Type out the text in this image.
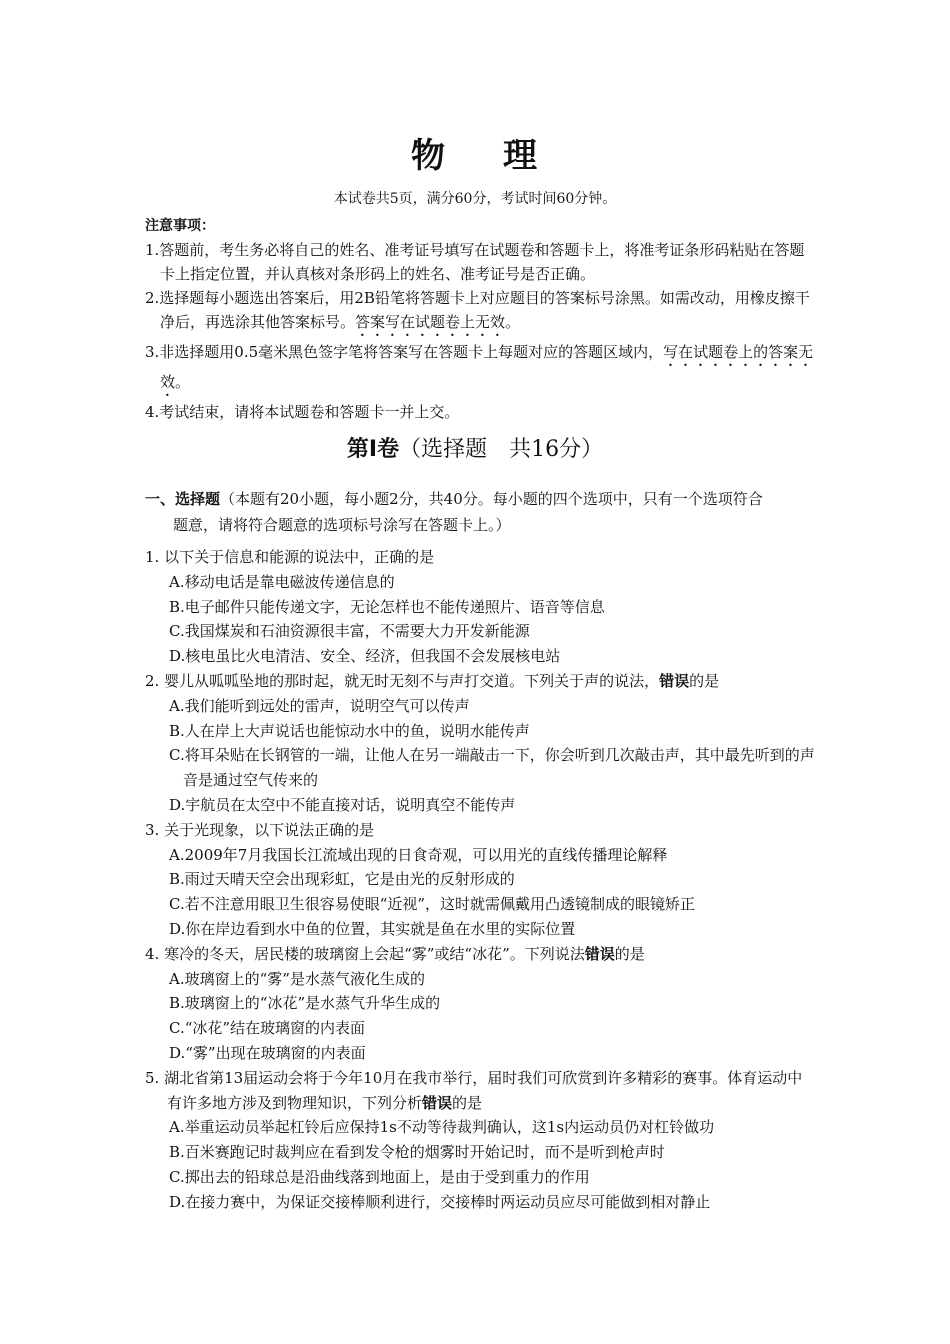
物 理
本试卷共5页，满分60分，考试时间60分钟。
注意事项：
1.答题前，考生务必将自己的姓名、准考证号填写在试题卷和答题卡上，将准考证条形码粘贴在答题卡上指定位置，并认真核对条形码上的姓名、准考证号是否正确。
2.选择题每小题选出答案后，用2B铅笔将答题卡上对应题目的答案标号涂黑。如需改动，用橡皮擦干净后，再选涂其他答案标号。答案写在试题卷上无效。
3.非选择题用0.5毫米黑色签字笔将答案写在答题卡上每题对应的答题区域内，写在试题卷上的答案无效。
4.考试结束，请将本试题卷和答题卡一并上交。
第Ⅰ卷（选择题　共16分）
一、选择题（本题有20小题，每小题2分，共40分。每小题的四个选项中，只有一个选项符合
题意，请将符合题意的选项标号涂写在答题卡上。）
1. 以下关于信息和能源的说法中，正确的是
A.移动电话是靠电磁波传递信息的
B.电子邮件只能传递文字，无论怎样也不能传递照片、语音等信息
C.我国煤炭和石油资源很丰富，不需要大力开发新能源
D.核电虽比火电清洁、安全、经济，但我国不会发展核电站
2. 婴儿从呱呱坠地的那时起，就无时无刻不与声打交道。下列关于声的说法，错误的是
A.我们能听到远处的雷声，说明空气可以传声
B.人在岸上大声说话也能惊动水中的鱼，说明水能传声
C.将耳朵贴在长钢管的一端，让他人在另一端敲击一下，你会听到几次敲击声，其中最先听到的声音是通过空气传来的
D.宇航员在太空中不能直接对话，说明真空不能传声
3. 关于光现象，以下说法正确的是
A.2009年7月我国长江流域出现的日食奇观，可以用光的直线传播理论解释
B.雨过天晴天空会出现彩虹，它是由光的反射形成的
C.若不注意用眼卫生很容易使眼“近视”，这时就需佩戴用凸透镜制成的眼镜矫正
D.你在岸边看到水中鱼的位置，其实就是鱼在水里的实际位置
4. 寒冷的冬天，居民楼的玻璃窗上会起“雾”或结“冰花”。下列说法错误的是
A.玻璃窗上的“雾”是水蒸气液化生成的
B.玻璃窗上的“冰花”是水蒸气升华生成的
C.“冰花”结在玻璃窗的内表面
D.“雾”出现在玻璃窗的内表面
5. 湖北省第13届运动会将于今年10月在我市举行，届时我们可欣赏到许多精彩的赛事。体育运动中有许多地方涉及到物理知识，下列分析错误的是
A.举重运动员举起杠铃后应保持1s不动等待裁判确认，这1s内运动员仍对杠铃做功
B.百米赛跑记时裁判应在看到发令枪的烟雾时开始记时，而不是听到枪声时
C.掷出去的铅球总是沿曲线落到地面上，是由于受到重力的作用
D.在接力赛中，为保证交接棒顺利进行，交接棒时两运动员应尽可能做到相对静止
